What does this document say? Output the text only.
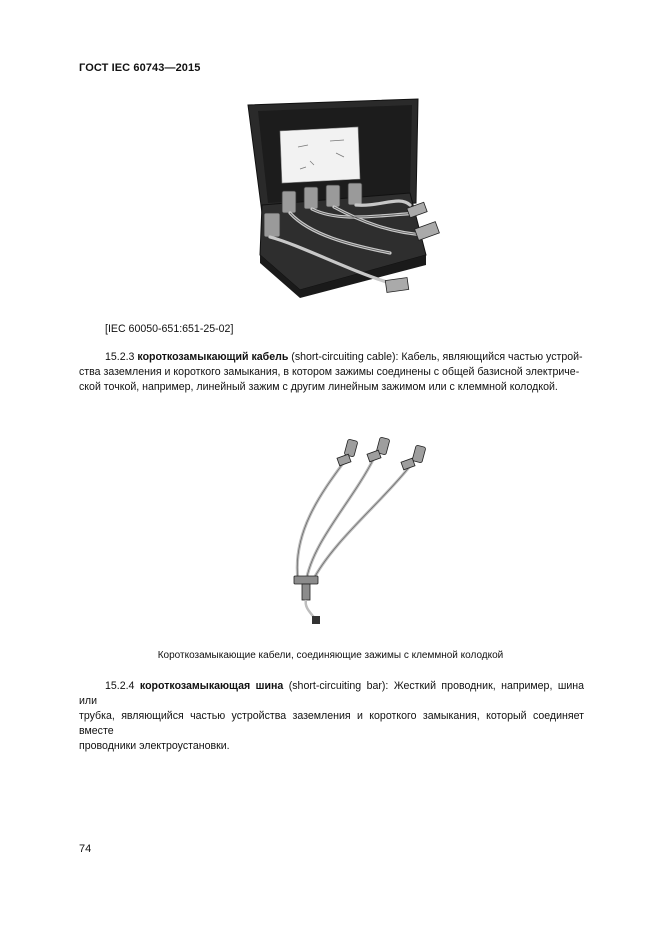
ГОСТ IEC 60743—2015
[IEC 60050-651:651-25-02]
15.2.3 короткозамыкающий кабель (short-circuiting cable): Кабель, являющийся частью устрой-
ства заземления и короткого замыкания, в котором зажимы соединены с общей базисной электриче-
ской точкой, например, линейный зажим с другим линейным зажимом или с клеммной колодкой.
Короткозамыкающие кабели, соединяющие зажимы с клеммной колодкой
15.2.4 короткозамыкающая шина (short-circuiting bar): Жесткий проводник, например, шина или
трубка, являющийся частью устройства заземления и короткого замыкания, который соединяет вместе
проводники электроустановки.
74
